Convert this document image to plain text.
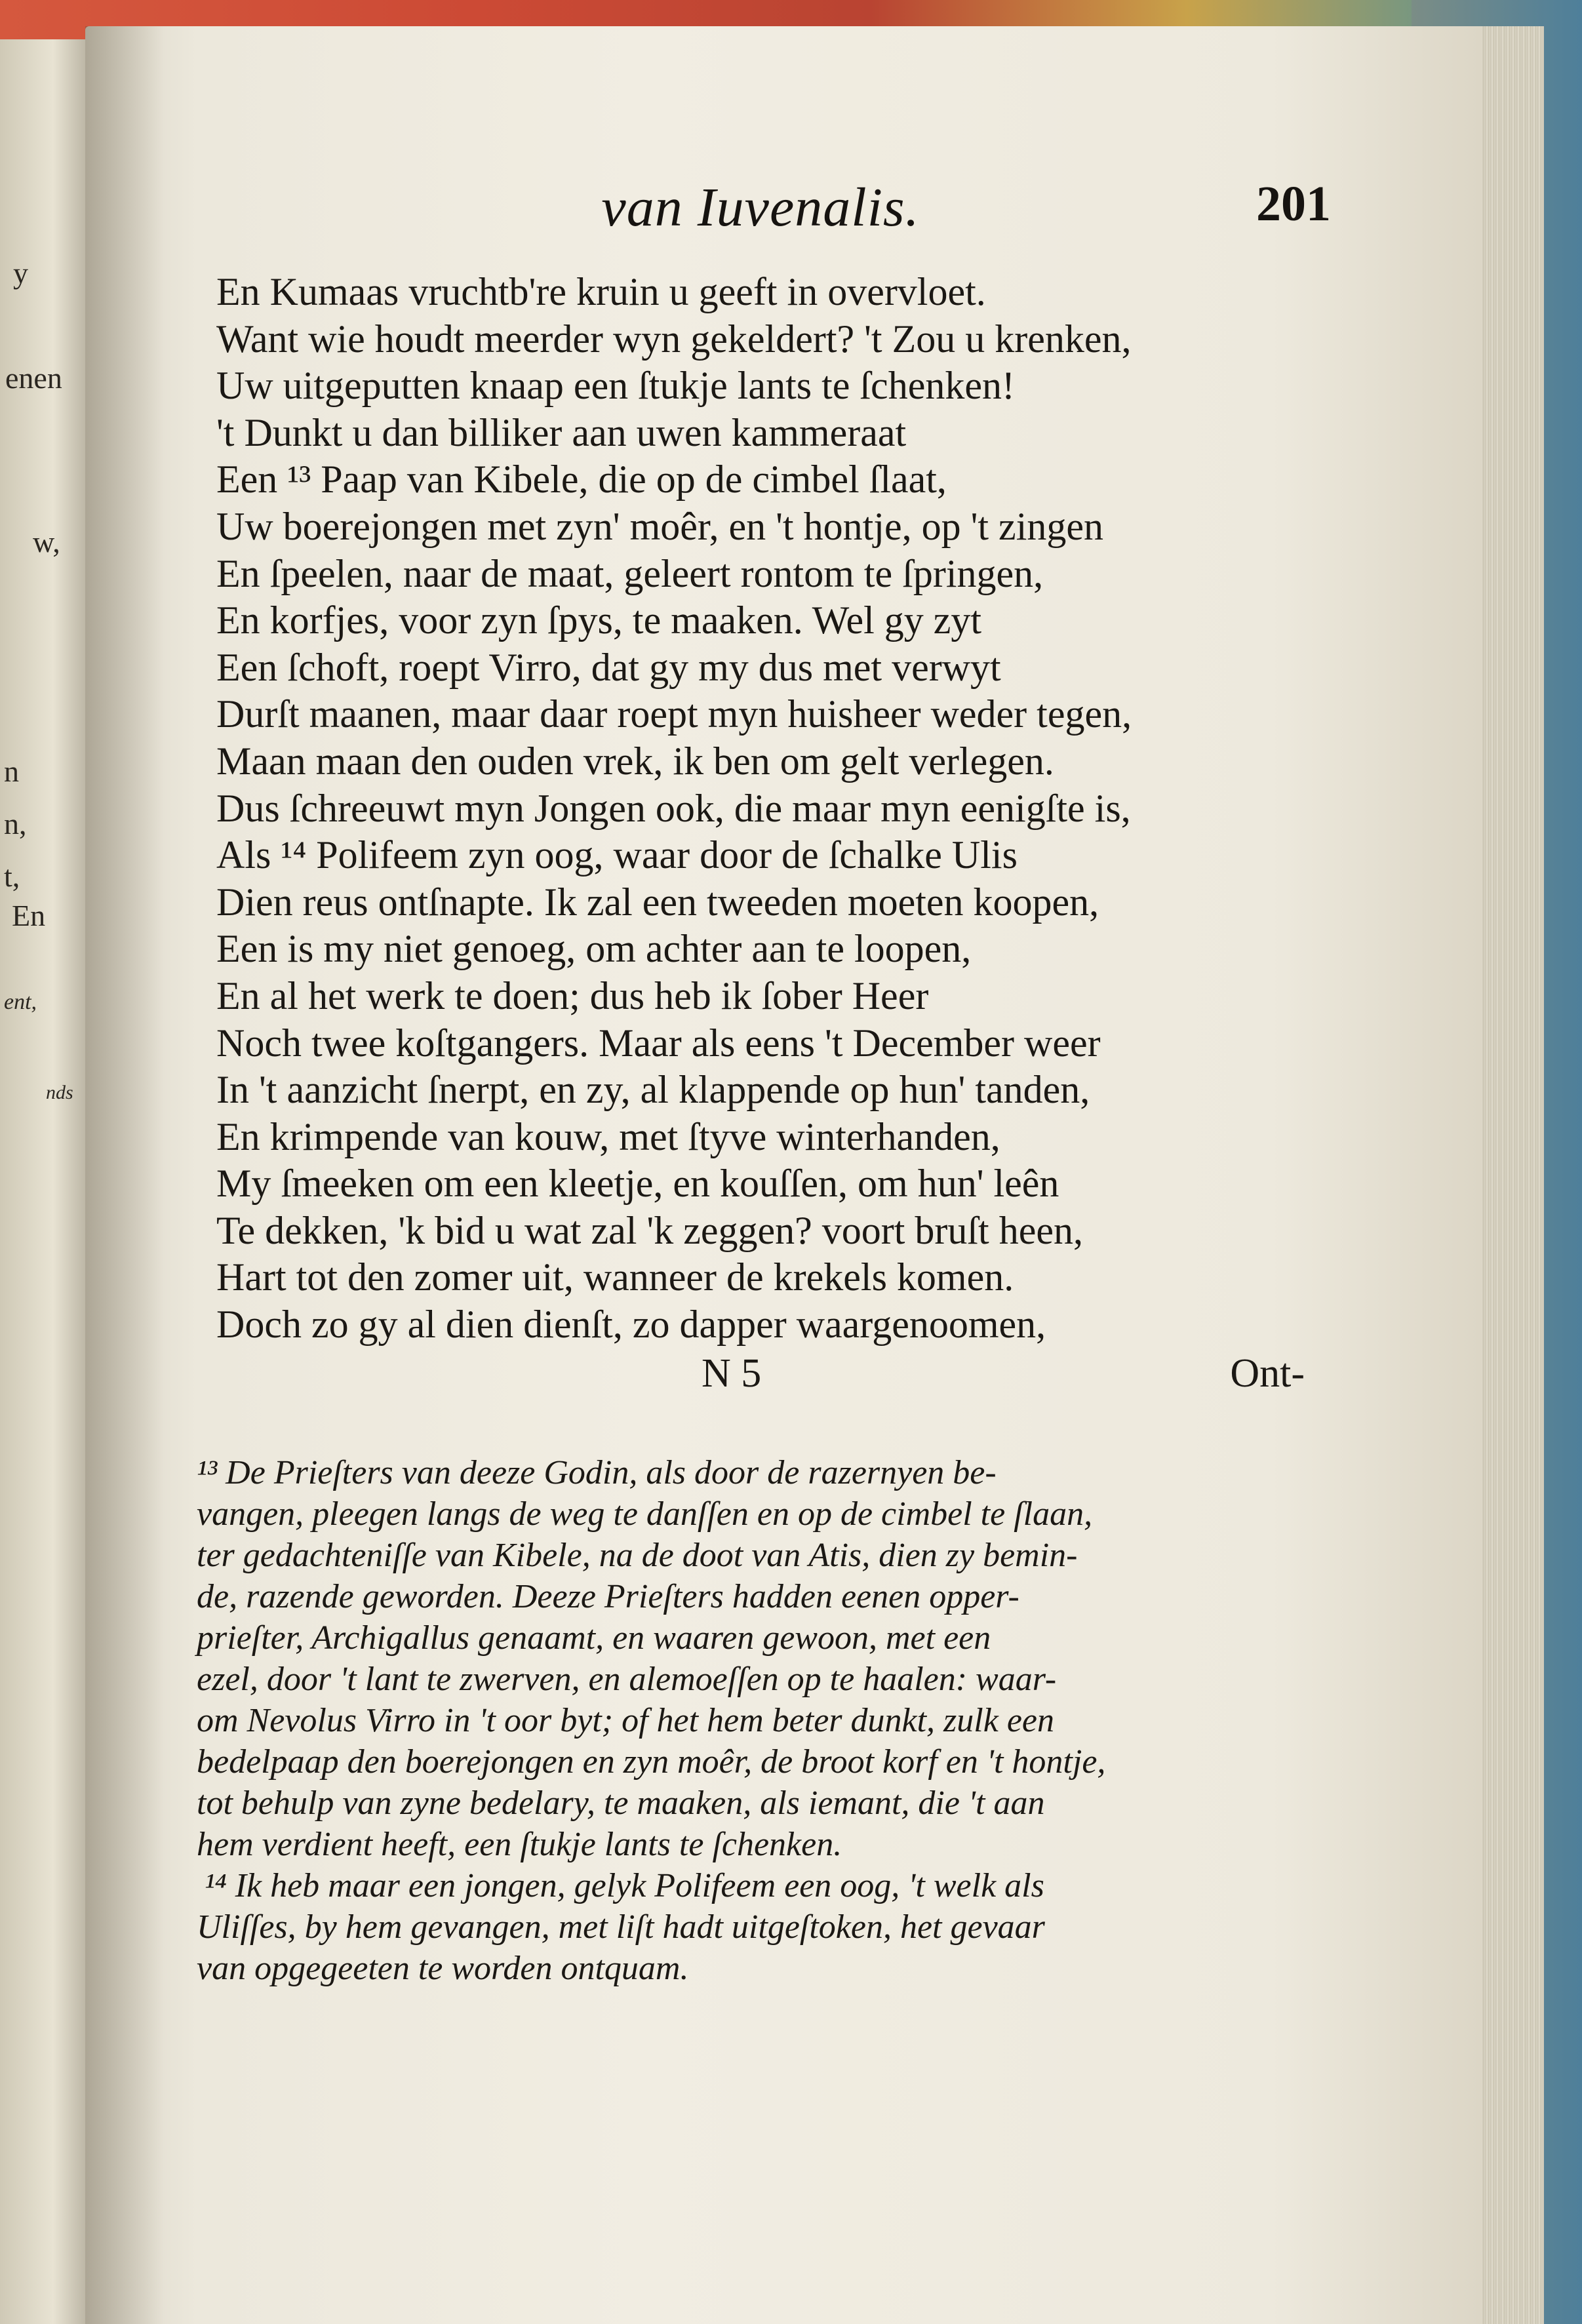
y
enen
w,
n
n,
t,
En
ent,
nds
van Iuvenalis.	201
En Kumaas vruchtb're kruin u geeft in overvloet.
Want wie houdt meerder wyn gekeldert? 't Zou u krenken,
Uw uitgeputten knaap een ſtukje lants te ſchenken!
't Dunkt u dan billiker aan uwen kammeraat
Een ¹³ Paap van Kibele, die op de cimbel ſlaat,
Uw boerejongen met zyn' moêr, en 't hontje, op 't zingen
En ſpeelen, naar de maat, geleert rontom te ſpringen,
En korfjes, voor zyn ſpys, te maaken. Wel gy zyt
Een ſchoft, roept Virro, dat gy my dus met verwyt
Durſt maanen, maar daar roept myn huisheer weder tegen,
Maan maan den ouden vrek, ik ben om gelt verlegen.
Dus ſchreeuwt myn Jongen ook, die maar myn eenigſte is,
Als ¹⁴ Polifeem zyn oog, waar door de ſchalke Ulis
Dien reus ontſnapte. Ik zal een tweeden moeten koopen,
Een is my niet genoeg, om achter aan te loopen,
En al het werk te doen; dus heb ik ſober Heer
Noch twee koſtgangers. Maar als eens 't December weer
In 't aanzicht ſnerpt, en zy, al klappende op hun' tanden,
En krimpende van kouw, met ſtyve winterhanden,
My ſmeeken om een kleetje, en kouſſen, om hun' leên
Te dekken, 'k bid u wat zal 'k zeggen? voort bruſt heen,
Hart tot den zomer uit, wanneer de krekels komen.
Doch zo gy al dien dienſt, zo dapper waargenoomen,
N 5	Ont-
¹³ De Prieſters van deeze Godin, als door de razernyen be-
vangen, pleegen langs de weg te danſſen en op de cimbel te ſlaan,
ter gedachteniſſe van Kibele, na de doot van Atis, dien zy bemin-
de, razende geworden. Deeze Prieſters hadden eenen opper-
prieſter, Archigallus genaamt, en waaren gewoon, met een
ezel, door 't lant te zwerven, en alemoeſſen op te haalen: waar-
om Nevolus Virro in 't oor byt; of het hem beter dunkt, zulk een
bedelpaap den boerejongen en zyn moêr, de broot korf en 't hontje,
tot behulp van zyne bedelary, te maaken, als iemant, die 't aan
hem verdient heeft, een ſtukje lants te ſchenken.
¹⁴ Ik heb maar een jongen, gelyk Polifeem een oog, 't welk als
Uliſſes, by hem gevangen, met liſt hadt uitgeſtoken, het gevaar
van opgegeeten te worden ontquam.
